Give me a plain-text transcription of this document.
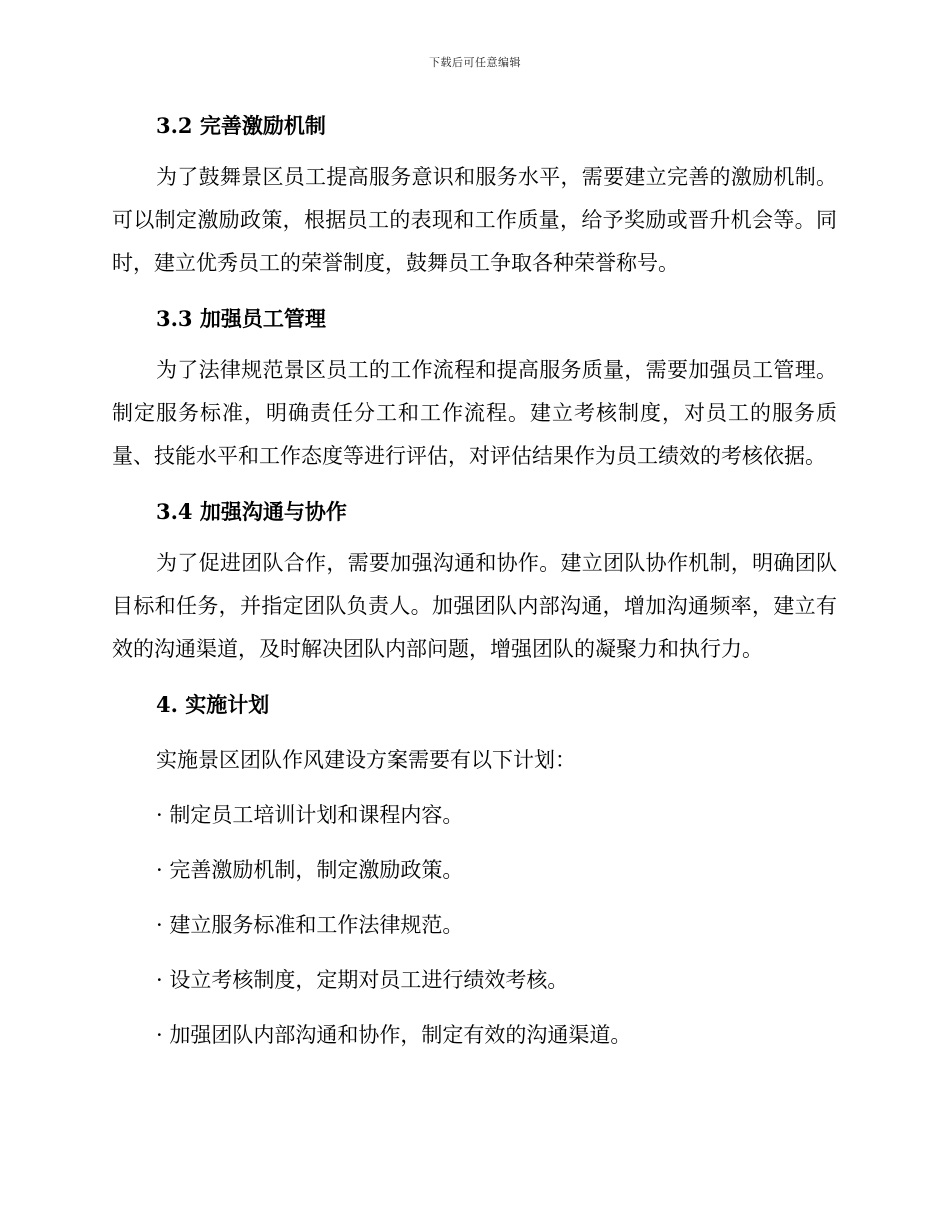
下载后可任意编辑
3.2 完善激励机制

为了鼓舞景区员工提高服务意识和服务水平，需要建立完善的激励机制。可以制定激励政策，根据员工的表现和工作质量，给予奖励或晋升机会等。同时，建立优秀员工的荣誉制度，鼓舞员工争取各种荣誉称号。

3.3 加强员工管理

为了法律规范景区员工的工作流程和提高服务质量，需要加强员工管理。制定服务标准，明确责任分工和工作流程。建立考核制度，对员工的服务质量、技能水平和工作态度等进行评估，对评估结果作为员工绩效的考核依据。

3.4 加强沟通与协作

为了促进团队合作，需要加强沟通和协作。建立团队协作机制，明确团队目标和任务，并指定团队负责人。加强团队内部沟通，增加沟通频率，建立有效的沟通渠道，及时解决团队内部问题，增强团队的凝聚力和执行力。

4. 实施计划

实施景区团队作风建设方案需要有以下计划：

· 制定员工培训计划和课程内容。

· 完善激励机制，制定激励政策。

· 建立服务标准和工作法律规范。

· 设立考核制度，定期对员工进行绩效考核。

· 加强团队内部沟通和协作，制定有效的沟通渠道。
